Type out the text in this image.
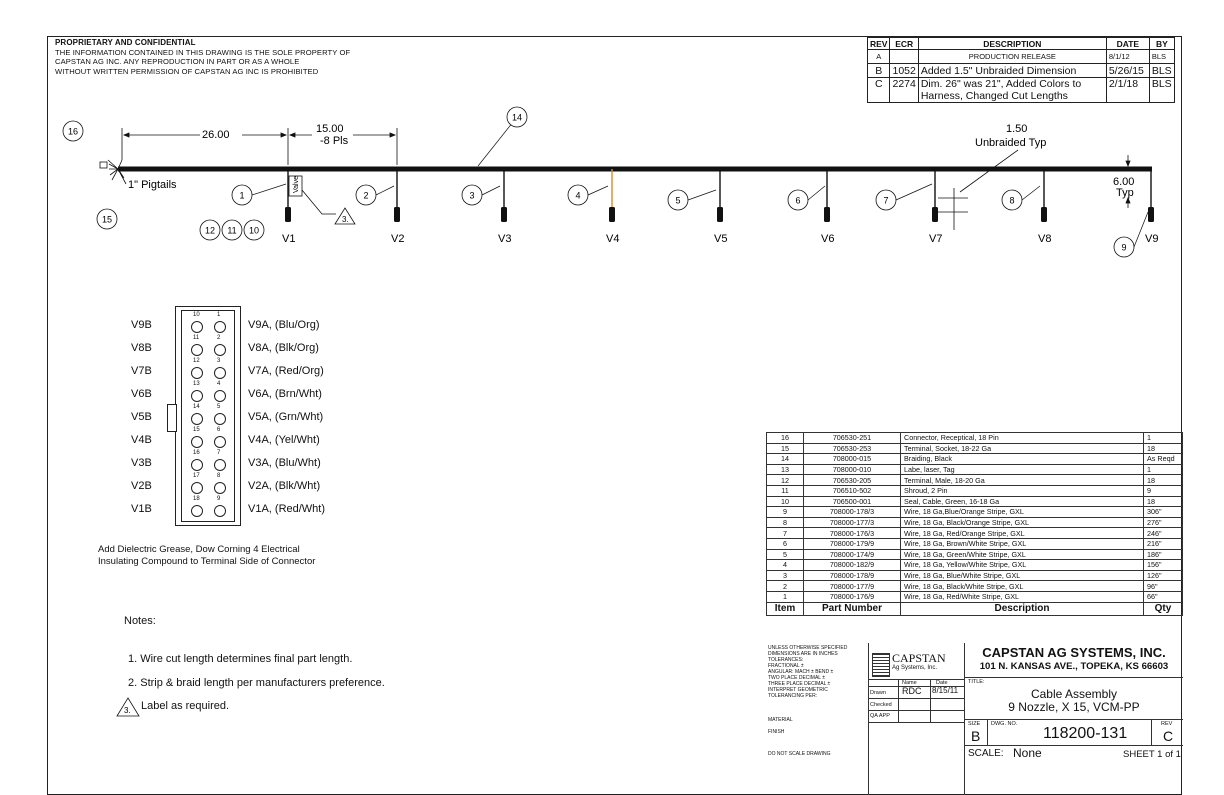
PROPRIETARY AND CONFIDENTIAL
THE INFORMATION CONTAINED IN THIS DRAWING IS THE SOLE PROPERTY OF
CAPSTAN AG INC. ANY REPRODUCTION IN PART OR AS A WHOLE
WITHOUT WRITTEN PERMISSION OF CAPSTAN AG INC IS PROHIBITED
REV	ECR	DESCRIPTION	DATE	BY
A		PRODUCTION RELEASE	8/1/12	BLS
B	1052	Added 1.5" Unbraided Dimension	5/26/15	BLS
C	2274	Dim. 26" was 21", Added Colors to
Harness, Changed Cut Lengths	2/1/18	BLS
26.00	15.00
-8 Pls
1.50
Unbraided Typ
6.00
Typ
1" Pigtails	Valve
3.
V1	V2	V3	V4	V5	V6	V7	V8	V9
1	2	3	4	5	6	7	8
9
10
11
12
14
15
16
V9B	V9A, (Blu/Org)
10	1
V8B	V8A, (Blk/Org)
11	2
V7B	V7A, (Red/Org)
12	3
V6B	V6A, (Brn/Wht)
13	4
V5B	V5A, (Grn/Wht)
14	5
V4B	V4A, (Yel/Wht)
15	6
V3B	V3A, (Blu/Wht)
16	7
V2B	V2A, (Blk/Wht)
17	8
V1B	V1A, (Red/Wht)
18	9
Add Dielectric Grease, Dow Corning 4 Electrical
Insulating Compound to Terminal Side of Connector
Notes:
1. Wire cut length determines final part length.
2. Strip & braid length per manufacturers preference.
3. Label as required.
16	706530-251	Connector, Receptical, 18 Pin	1
15	706530-253	Terminal, Socket, 18-22 Ga	18
14	708000-015	Braiding, Black	As Reqd
13	708000-010	Labe, laser, Tag	1
12	706530-205	Terminal, Male, 18-20 Ga	18
11	706510-502	Shroud, 2 Pin	9
10	706500-001	Seal, Cable, Green, 16-18 Ga	18
9	708000-178/3	Wire, 18 Ga,Blue/Orange Stripe, GXL	306"
8	708000-177/3	Wire, 18 Ga, Black/Orange Stripe, GXL	276"
7	708000-176/3	Wire, 18 Ga, Red/Orange Stripe, GXL	246"
6	708000-179/9	Wire, 18 Ga, Brown/White Stripe, GXL	216"
5	708000-174/9	Wire, 18 Ga, Green/White Stripe, GXL	186"
4	708000-182/9	Wire, 18 Ga, Yellow/White Stripe, GXL	156"
3	708000-178/9	Wire, 18 Ga, Blue/White Stripe, GXL	126"
2	708000-177/9	Wire, 18 Ga, Black/White Stripe, GXL	96"
1	708000-176/9	Wire, 18 Ga, Red/White Stripe, GXL	66"
Item	Part Number	Description	Qty
UNLESS OTHERWISE SPECIFIED
DIMENSIONS ARE IN INCHES
TOLERANCES:
FRACTIONAL ±
ANGULAR: MACH ± BEND ±
TWO PLACE DECIMAL ±
THREE PLACE DECIMAL ±
INTERPRET GEOMETRIC
TOLERANCING PER:
MATERIAL
FINISH
DO NOT SCALE DRAWING
CAPSTAN
Ag Systems, Inc.
Name	Date
Drawn RDC 8/15/11
Checked
QA APP
CAPSTAN AG SYSTEMS, INC.
101 N. KANSAS AVE., TOPEKA, KS 66603
TITLE:
Cable Assembly
9 Nozzle, X 15, VCM-PP
SIZE
B
DWG. NO.
118200-131
REV
C
SCALE: None	SHEET 1 of 1
